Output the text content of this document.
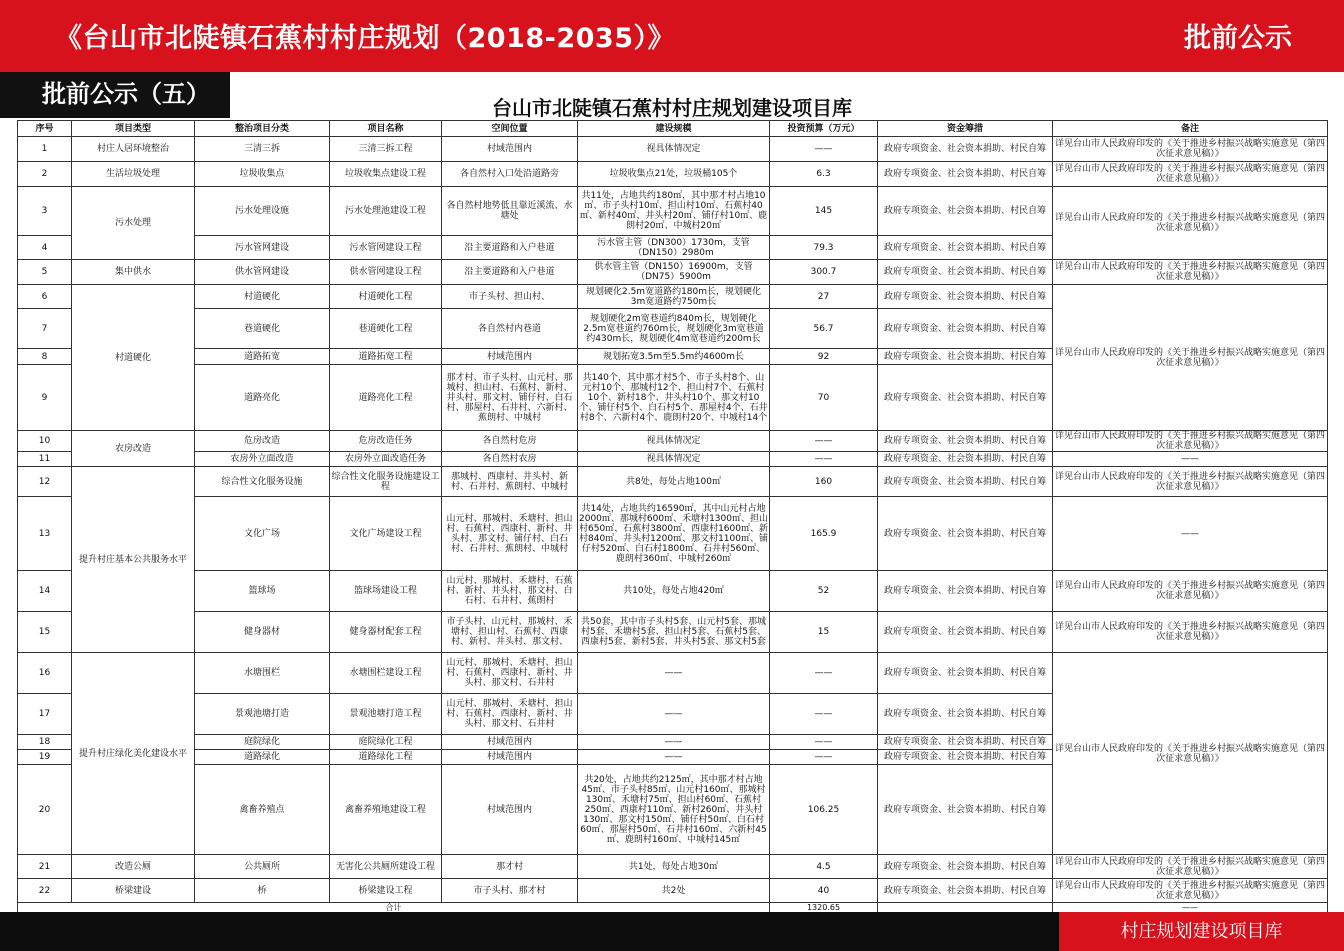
《台山市北陡镇石蕉村村庄规划（2018-2035）》	批前公示
批前公示（五）	台山市北陡镇石蕉村村庄规划建设项目库
序号	项目类型	整治项目分类	项目名称	空间位置	建设规模	投资预算（万元）	资金筹措	备注
1	村庄人居环境整治	三清三拆	三清三拆工程	村域范围内	视具体情况定	——	政府专项资金、社会资本捐助、村民自筹	详见台山市人民政府印发的《关于推进乡村振兴战略实施意见（第四次征求意见稿）》
2	生活垃圾处理	垃圾收集点	垃圾收集点建设工程	各自然村入口处沿道路旁	垃圾收集点21处，垃圾桶105个	6.3	政府专项资金、社会资本捐助、村民自筹	详见台山市人民政府印发的《关于推进乡村振兴战略实施意见（第四次征求意见稿）》
3	污水处理	污水处理设施	污水处理池建设工程	各自然村地势低且靠近溪流、水塘处	共11处，占地共约180㎡，其中那才村占地10㎡、市子头村10㎡、担山村10㎡、石蕉村40㎡、新村40㎡、井头村20㎡、铺仔村10㎡、鹿朗村20㎡、中城村20㎡	145	政府专项资金、社会资本捐助、村民自筹	详见台山市人民政府印发的《关于推进乡村振兴战略实施意见（第四次征求意见稿）》
4		污水管网建设	污水管网建设工程	沿主要道路和入户巷道	污水管主管（DN300）1730m，支管（DN150）2980m	79.3	政府专项资金、社会资本捐助、村民自筹	
5	集中供水	供水管网建设	供水管网建设工程	沿主要道路和入户巷道	供水管主管（DN150）16900m，支管（DN75）5900m	300.7	政府专项资金、社会资本捐助、村民自筹	详见台山市人民政府印发的《关于推进乡村振兴战略实施意见（第四次征求意见稿）》
6	村道硬化	村道硬化	村道硬化工程	市子头村、担山村、	规划硬化2.5m宽道路约180m长，规划硬化3m宽道路约750m长	27	政府专项资金、社会资本捐助、村民自筹	详见台山市人民政府印发的《关于推进乡村振兴战略实施意见（第四次征求意见稿）》
7		巷道硬化	巷道硬化工程	各自然村内巷道	规划硬化2m宽巷道约840m长，规划硬化2.5m宽巷道约760m长，规划硬化3m宽巷道约430m长，规划硬化4m宽巷道约200m长	56.7	政府专项资金、社会资本捐助、村民自筹	
8		道路拓宽	道路拓宽工程	村域范围内	规划拓宽3.5m至5.5m约4600m长	92	政府专项资金、社会资本捐助、村民自筹	
9		道路亮化	道路亮化工程	那才村、市子头村、山元村、那城村、担山村、石蕉村、新村、井头村、那文村、铺仔村、白石村、那屋村、石井村、六新村、蕉朗村、中城村	共140个，其中那才村5个、市子头村8个、山元村10个、那城村12个、担山村7个、石蕉村10个、新村18个、井头村10个、那文村10个、铺仔村5个、白石村5个、那屋村4个、石井村8个、六新村4个、鹿朗村20个、中城村14个	70	政府专项资金、社会资本捐助、村民自筹	
10	农房改造	危房改造	危房改造任务	各自然村危房	视具体情况定	——	政府专项资金、社会资本捐助、村民自筹	详见台山市人民政府印发的《关于推进乡村振兴战略实施意见（第四次征求意见稿）》
11		农房外立面改造	农房外立面改造任务	各自然村农房	视具体情况定	——	政府专项资金、社会资本捐助、村民自筹	——
12	提升村庄基本公共服务水平	综合性文化服务设施	综合性文化服务设施建设工程	那城村、西康村、井头村、新村、石井村、蕉朗村、中城村	共8处，每处占地100㎡	160	政府专项资金、社会资本捐助、村民自筹	详见台山市人民政府印发的《关于推进乡村振兴战略实施意见（第四次征求意见稿）》
13		文化广场	文化广场建设工程	山元村、那城村、禾塘村、担山村、石蕉村、西康村、新村、井头村、那文村、铺仔村、白石村、石井村、蕉朗村、中城村	共14处，占地共约16590㎡，其中山元村占地2000㎡、那城村600㎡、禾塘村1300㎡、担山村650㎡、石蕉村3800㎡、西康村1600㎡、新村840㎡、井头村1200㎡、那文村1100㎡、铺仔村520㎡、白石村1800㎡、石井村560㎡、鹿朗村360㎡、中城村260㎡	165.9	政府专项资金、社会资本捐助、村民自筹	——
14		篮球场	篮球场建设工程	山元村、那城村、禾塘村、石蕉村、新村、井头村、那文村、白石村、石井村、蕉朗村	共10处，每处占地420㎡	52	政府专项资金、社会资本捐助、村民自筹	详见台山市人民政府印发的《关于推进乡村振兴战略实施意见（第四次征求意见稿）》
15		健身器材	健身器材配套工程	市子头村、山元村、那城村、禾塘村、担山村、石蕉村、西康村、新村、井头村、那文村、	共50套，其中市子头村5套、山元村5套、那城村5套、禾塘村5套、担山村5套、石蕉村5套、西康村5套、新村5套、井头村5套、那文村5套	15	政府专项资金、社会资本捐助、村民自筹	详见台山市人民政府印发的《关于推进乡村振兴战略实施意见（第四次征求意见稿）》
16	提升村庄绿化美化建设水平	水塘围栏	水塘围栏建设工程	山元村、那城村、禾塘村、担山村、石蕉村、西康村、新村、井头村、那文村、石井村	——	——	政府专项资金、社会资本捐助、村民自筹	详见台山市人民政府印发的《关于推进乡村振兴战略实施意见（第四次征求意见稿）》
17		景观池塘打造	景观池塘打造工程	山元村、那城村、禾塘村、担山村、石蕉村、西康村、新村、井头村、那文村、石井村	——	——	政府专项资金、社会资本捐助、村民自筹	
18		庭院绿化	庭院绿化工程	村域范围内	——	——	政府专项资金、社会资本捐助、村民自筹	
19		道路绿化	道路绿化工程	村域范围内	——	——	政府专项资金、社会资本捐助、村民自筹	
20		禽畜养殖点	禽畜养殖地建设工程	村域范围内	共20处，占地共约2125㎡，其中那才村占地45㎡、市子头村85㎡、山元村160㎡、那城村130㎡、禾塘村75㎡、担山村60㎡、石蕉村250㎡、西康村110㎡、新村260㎡、井头村130㎡、那文村150㎡、铺仔村50㎡、白石村60㎡、那屋村50㎡、石井村160㎡、六新村45㎡、鹿朗村160㎡、中城村145㎡	106.25	政府专项资金、社会资本捐助、村民自筹	
21	改造公厕	公共厕所	无害化公共厕所建设工程	那才村	共1处，每处占地30㎡	4.5	政府专项资金、社会资本捐助、村民自筹	详见台山市人民政府印发的《关于推进乡村振兴战略实施意见（第四次征求意见稿）》
22	桥梁建设	桥	桥梁建设工程	市子头村、那才村	共2处	40	政府专项资金、社会资本捐助、村民自筹	详见台山市人民政府印发的《关于推进乡村振兴战略实施意见（第四次征求意见稿）》
合计						1320.65		——
村庄规划建设项目库
